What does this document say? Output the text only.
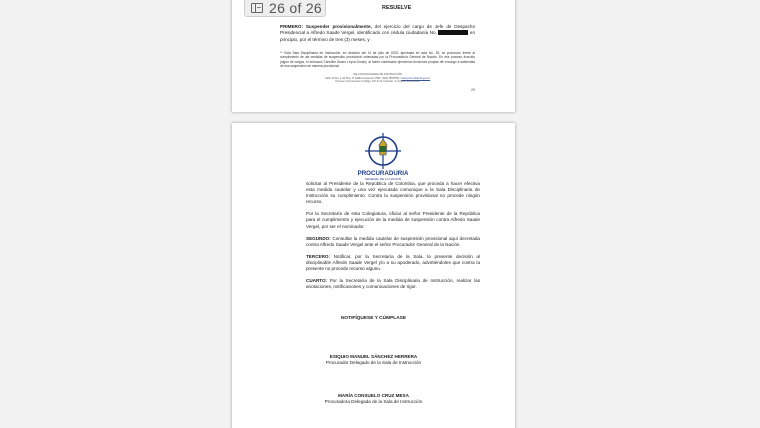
26 of 26	RESUELVE
PRIMERO: Suspender provisionalmente, del ejercicio del cargo de Jefe de Despacho Presidencial a Alfredo Saade Vergel, identificado con cédula ciudadanía No.	en principio, por el término de tres (3) meses, y
⁸⁰ Esta Sala Disciplinaria de Instrucción, en decisión del 14 de julio de 2025, aprobada en acta No. 25, se pronunció frente al cumplimiento de las medidas de suspensión provisional ordenadas por la Procuraduría General de Nación. En ese proceso fruncido (algún de cargos, el entonces Canciller Álvaro Leyva Durán), al haber continuado ejerciendo funciones propias del encargo a sabiendas de esa suspensión de manera provisional.
SALA DISCIPLINARIA DE INSTRUCCIÓN
Calle 16 No. 4-44 Piso 17 Edificio Avianca / PBX: (601) 5878750 / www.procuraduria.gov.co
Proceso: Documental | Código: DO-P-22 | Versión: 2 | Fecha: 01/11/2022
25
PROCURADURIA
GENERAL DE LA NACION

solicitar al Presidente de la República de Colombia, que proceda a hacer efectiva esta medida cautelar y una vez ejecutada comunique a la Sala Disciplinaria de Instrucción su cumplimiento. Contra la suspensión provisional no procede ningún recurso.

Por la Secretaría de esta Colegiatura, oficiar al señor Presidente de la República para el cumplimiento y ejecución de la medida de suspensión contra Alfredo Saade Vergel, por ser el nominador.

SEGUNDO: Consultar la medida cautelar de suspensión provisional aquí decretada contra Alfredo Saade Vergel ante el señor Procurador General de la Nación.

TERCERO: Notificar, por la Secretaría de la Sala, la presente decisión al disciplinable Alfredo Saade Vergel y/o a su apoderado, advirtiéndoles que contra la presente no procede recurso alguno.

CUARTO: Por la Secretaría de la Sala Disciplinaria de Instrucción, realizar las anotaciones, notificaciones y comunicaciones de rigor.

NOTIFÍQUESE Y CÚMPLASE
ESIQUIO MANUEL SÁNCHEZ HERRERA
Procurador Delegado de la Sala de Instrucción
MARÍA CONSUELO CRUZ MESA
Procuradora Delegada de la Sala de Instrucción
